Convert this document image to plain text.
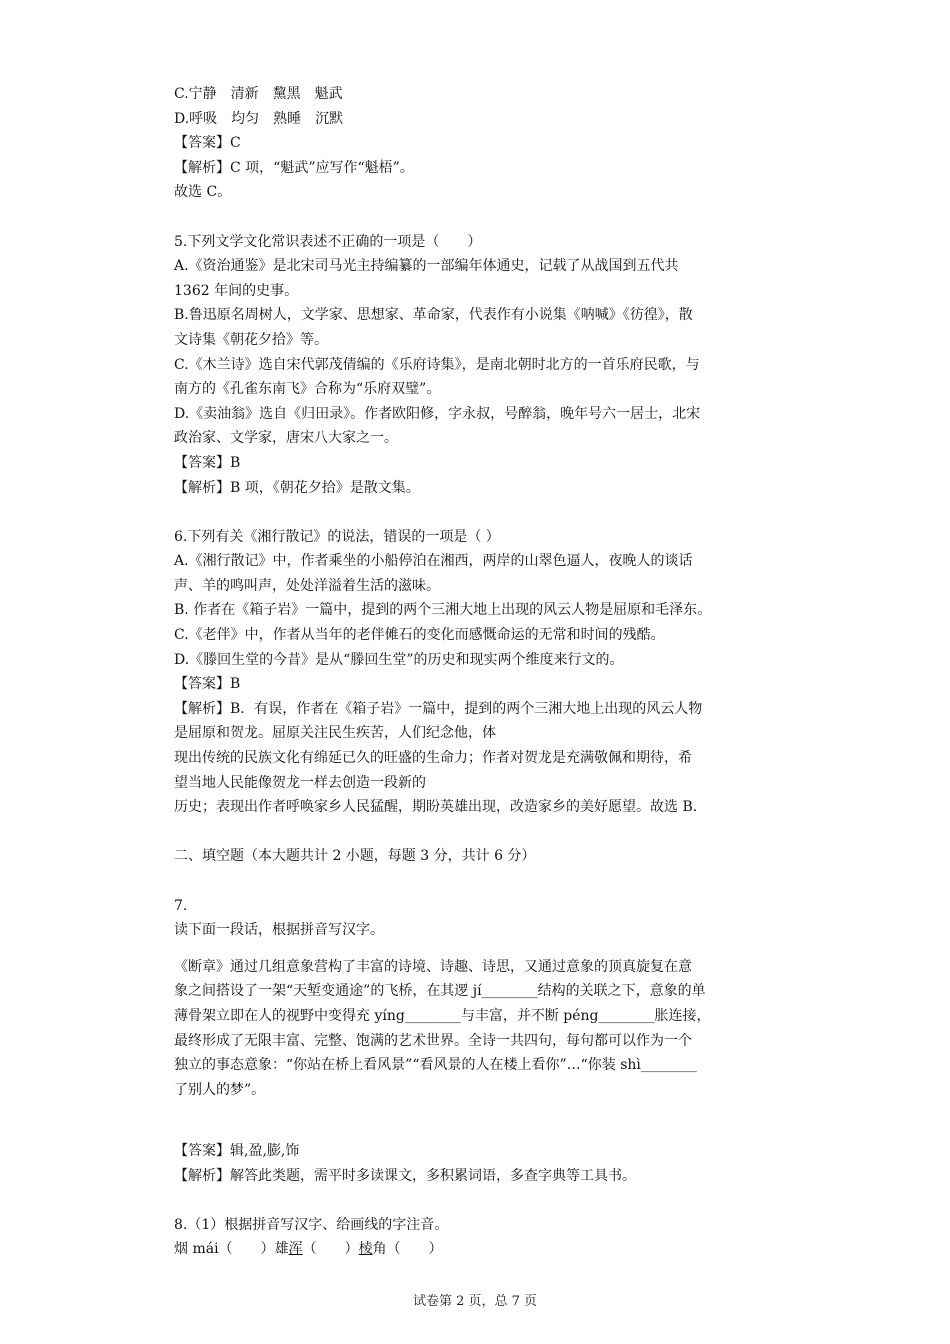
C.宁静　清新　黧黑　魁武
D.呼吸　均匀　熟睡　沉默
【答案】C
【解析】C 项，“魁武”应写作“魁梧”。
故选 C。
5.下列文学文化常识表述不正确的一项是（　　）
A.《资治通鉴》是北宋司马光主持编纂的一部编年体通史，记载了从战国到五代共
1362 年间的史事。
B.鲁迅原名周树人，文学家、思想家、革命家，代表作有小说集《呐喊》《彷徨》，散
文诗集《朝花夕拾》等。
C.《木兰诗》选自宋代郭茂倩编的《乐府诗集》，是南北朝时北方的一首乐府民歌，与
南方的《孔雀东南飞》合称为“乐府双璧”。
D.《卖油翁》选自《归田录》。作者欧阳修，字永叔，号醉翁，晚年号六一居士，北宋
政治家、文学家，唐宋八大家之一。
【答案】B
【解析】B 项，《朝花夕拾》是散文集。
6.下列有关《湘行散记》的说法，错误的一项是（ ）
A.《湘行散记》中，作者乘坐的小船停泊在湘西，两岸的山翠色逼人，夜晚人的谈话
声、羊的鸣叫声，处处洋溢着生活的滋味。
B. 作者在《箱子岩》一篇中，提到的两个三湘大地上出现的风云人物是屈原和毛泽东。
C.《老伴》中，作者从当年的老伴傩石的变化而感慨命运的无常和时间的残酷。
D.《滕回生堂的今昔》是从“滕回生堂”的历史和现实两个维度来行文的。
【答案】B
【解析】B．有误，作者在《箱子岩》一篇中，提到的两个三湘大地上出现的风云人物
是屈原和贺龙。屈原关注民生疾苦，人们纪念他，体
现出传统的民族文化有绵延已久的旺盛的生命力；作者对贺龙是充满敬佩和期待，希
望当地人民能像贺龙一样去创造一段新的
历史；表现出作者呼唤家乡人民猛醒，期盼英雄出现，改造家乡的美好愿望。故选 B.
二、填空题（本大题共计 2 小题，每题 3 分，共计 6 分）
7.
读下面一段话，根据拼音写汉字。
《断章》通过几组意象营构了丰富的诗境、诗趣、诗思，又通过意象的顶真旋复在意
象之间搭设了一架“天堑变通途”的飞桥，在其逻 jí________结构的关联之下，意象的单
薄骨架立即在人的视野中变得充 yíng________与丰富，并不断 péng________胀连接，
最终形成了无限丰富、完整、饱满的艺术世界。全诗一共四句，每句都可以作为一个
独立的事态意象：“你站在桥上看风景”“看风景的人在楼上看你”…“你装 shì________
了别人的梦”。
【答案】辑,盈,膨,饰
【解析】解答此类题，需平时多读课文，多积累词语，多查字典等工具书。
8.（1）根据拼音写汉字、给画线的字注音。
烟 mái（　　）雄浑（　　）棱角（　　）
试卷第 2 页，总 7 页
